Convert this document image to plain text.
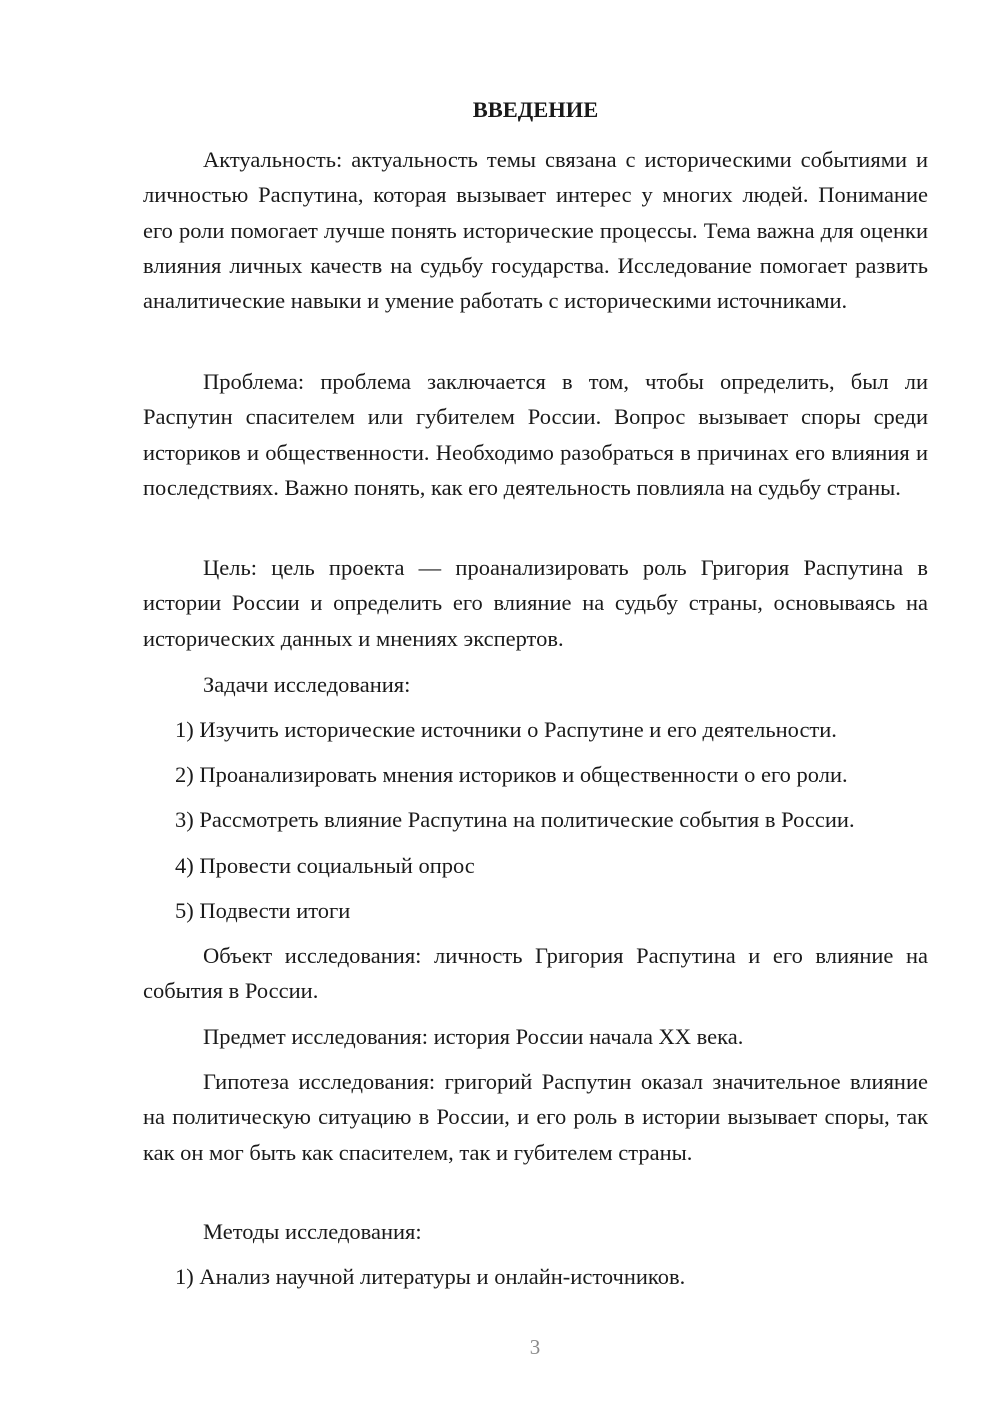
ВВЕДЕНИЕ

Актуальность: актуальность темы связана с историческими событиями и личностью Распутина, которая вызывает интерес у многих людей. Понимание его роли помогает лучше понять исторические процессы. Тема важна для оценки влияния личных качеств на судьбу государства. Исследование помогает развить аналитические навыки и умение работать с историческими источниками.

Проблема: проблема заключается в том, чтобы определить, был ли Распутин спасителем или губителем России. Вопрос вызывает споры среди историков и общественности. Необходимо разобраться в причинах его влияния и последствиях. Важно понять, как его деятельность повлияла на судьбу страны.

Цель: цель проекта — проанализировать роль Григория Распутина в истории России и определить его влияние на судьбу страны, основываясь на исторических данных и мнениях экспертов.

Задачи исследования:

1) Изучить исторические источники о Распутине и его деятельности.

2) Проанализировать мнения историков и общественности о его роли.

3) Рассмотреть влияние Распутина на политические события в России.

4) Провести социальный опрос

5) Подвести итоги

Объект исследования: личность Григория Распутина и его влияние на события в России.

Предмет исследования: история России начала XX века.

Гипотеза исследования: григорий Распутин оказал значительное влияние на политическую ситуацию в России, и его роль в истории вызывает споры, так как он мог быть как спасителем, так и губителем страны.

Методы исследования:

1) Анализ научной литературы и онлайн-источников.

3
